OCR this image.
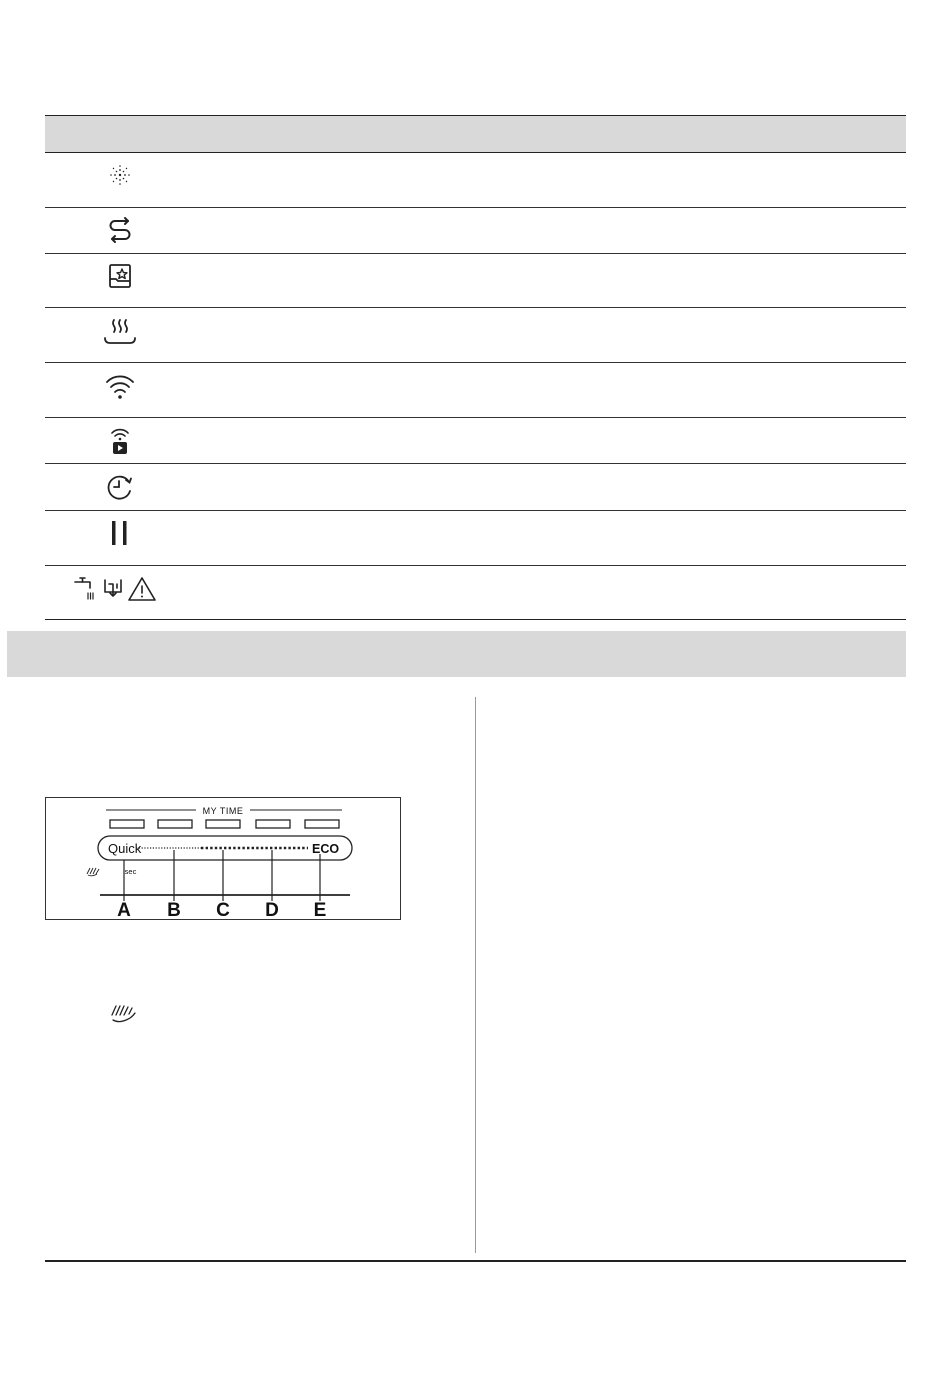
MY TIME
Quick	ECO
isec
A B C D E
